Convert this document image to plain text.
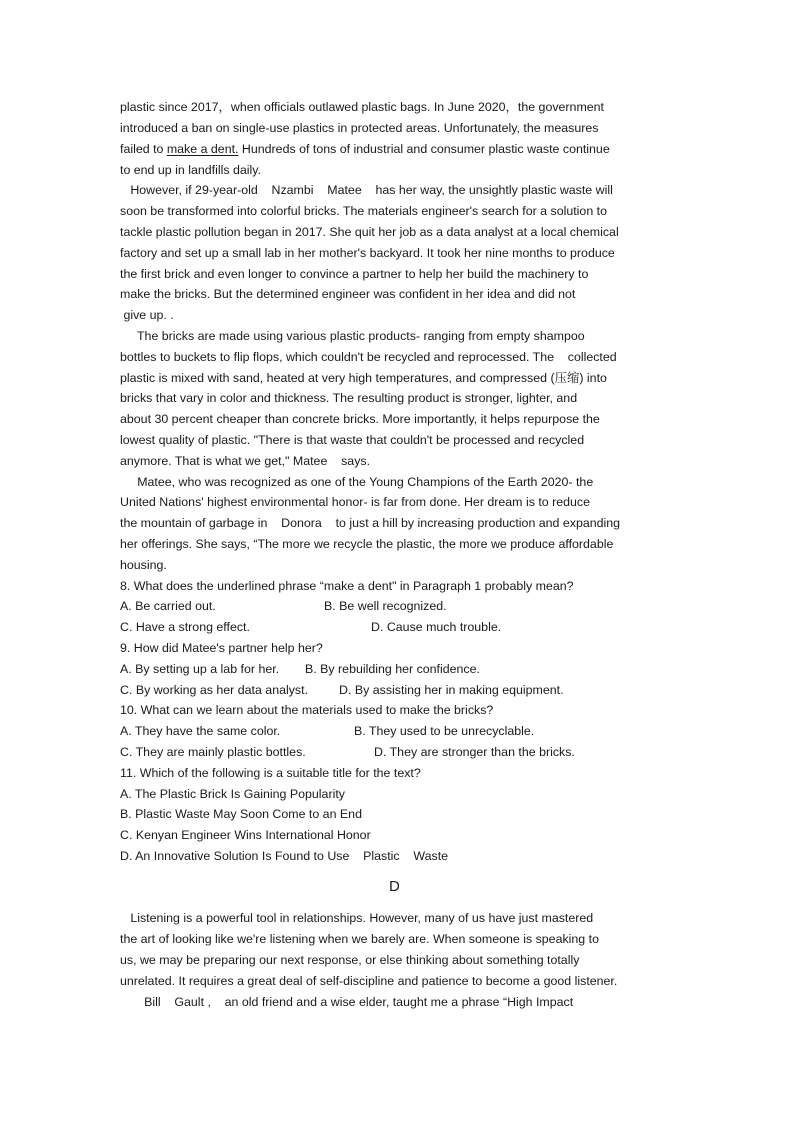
plastic since 2017，when officials outlawed plastic bags. In June 2020，the government
introduced a ban on single-use plastics in protected areas. Unfortunately, the measures
failed to make a dent. Hundreds of tons of industrial and consumer plastic waste continue
to end up in landfills daily.
However, if 29-year-old    Nzambi    Matee    has her way, the unsightly plastic waste will
soon be transformed into colorful bricks. The materials engineer's search for a solution to
tackle plastic pollution began in 2017. She quit her job as a data analyst at a local chemical
factory and set up a small lab in her mother's backyard. It took her nine months to produce
the first brick and even longer to convince a partner to help her build the machinery to
make the bricks. But the determined engineer was confident in her idea and did not
give up. .
The bricks are made using various plastic products- ranging from empty shampoo
bottles to buckets to flip flops, which couldn't be recycled and reprocessed. The    collected
plastic is mixed with sand, heated at very high temperatures, and compressed (压缩) into
bricks that vary in color and thickness. The resulting product is stronger, lighter, and
about 30 percent cheaper than concrete bricks. More importantly, it helps repurpose the
lowest quality of plastic. "There is that waste that couldn't be processed and recycled
anymore. That is what we get," Matee    says.
Matee, who was recognized as one of the Young Champions of the Earth 2020- the
United Nations' highest environmental honor- is far from done. Her dream is to reduce
the mountain of garbage in    Donora    to just a hill by increasing production and expanding
her offerings. She says, “The more we recycle the plastic, the more we produce affordable
housing.
8. What does the underlined phrase “make a dent" in Paragraph 1 probably mean?
A. Be carried out.	B. Be well recognized.
C. Have a strong effect.	D. Cause much trouble.
9. How did Matee's partner help her?
A. By setting up a lab for her. B. By rebuilding her confidence.
C. By working as her data analyst. D. By assisting her in making equipment.
10. What can we learn about the materials used to make the bricks?
A. They have the same color.	B. They used to be unrecyclable.
C. They are mainly plastic bottles.	D. They are stronger than the bricks.
11. Which of the following is a suitable title for the text?
A. The Plastic Brick Is Gaining Popularity
B. Plastic Waste May Soon Come to an End
C. Kenyan Engineer Wins International Honor
D. An Innovative Solution Is Found to Use    Plastic    Waste
D
Listening is a powerful tool in relationships. However, many of us have just mastered
the art of looking like we're listening when we barely are. When someone is speaking to
us, we may be preparing our next response, or else thinking about something totally
unrelated. It requires a great deal of self-discipline and patience to become a good listener.
Bill    Gault ,    an old friend and a wise elder, taught me a phrase “High Impact
